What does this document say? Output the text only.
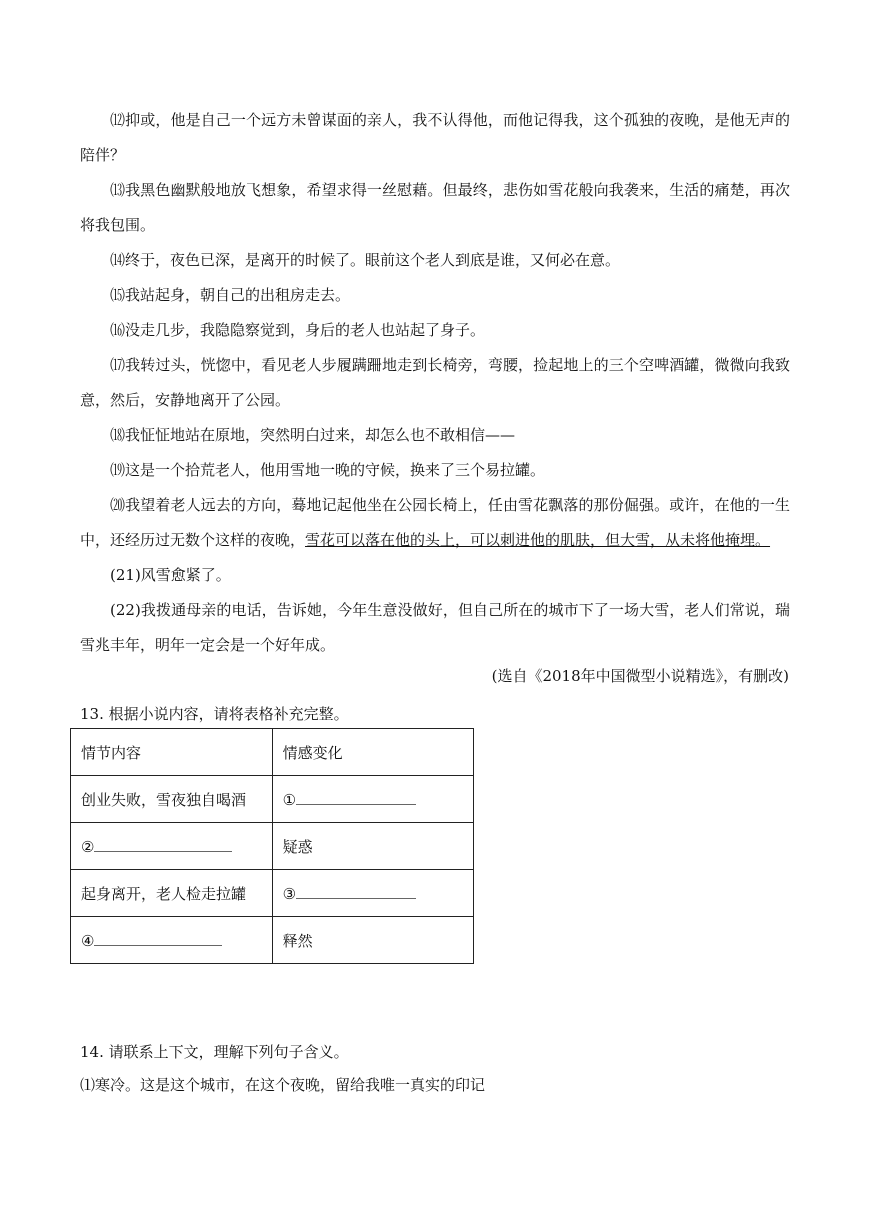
⑿抑或，他是自己一个远方未曾谋面的亲人，我不认得他，而他记得我，这个孤独的夜晚，是他无声的陪伴？

⒀我黑色幽默般地放飞想象，希望求得一丝慰藉。但最终，悲伤如雪花般向我袭来，生活的痛楚，再次将我包围。

⒁终于，夜色已深，是离开的时候了。眼前这个老人到底是谁，又何必在意。

⒂我站起身，朝自己的出租房走去。

⒃没走几步，我隐隐察觉到，身后的老人也站起了身子。

⒄我转过头，恍惚中，看见老人步履蹒跚地走到长椅旁，弯腰，捡起地上的三个空啤酒罐，微微向我致意，然后，安静地离开了公园。

⒅我怔怔地站在原地，突然明白过来，却怎么也不敢相信——

⒆这是一个拾荒老人，他用雪地一晚的守候，换来了三个易拉罐。

⒇我望着老人远去的方向，蓦地记起他坐在公园长椅上，任由雪花飘落的那份倔强。或许，在他的一生中，还经历过无数个这样的夜晚，雪花可以落在他的头上，可以刺进他的肌肤，但大雪，从未将他掩埋。

(21)风雪愈紧了。

(22)我拨通母亲的电话，告诉她，今年生意没做好，但自己所在的城市下了一场大雪，老人们常说，瑞雪兆丰年，明年一定会是一个好年成。

(选自《2018年中国微型小说精选》，有删改)

13. 根据小说内容，请将表格补充完整。

情节内容	情感变化
创业失败，雪夜独自喝酒	①
②	疑惑
起身离开，老人检走拉罐	③
④	释然

14. 请联系上下文，理解下列句子含义。

⑴寒冷。这是这个城市，在这个夜晚，留给我唯一真实的印记
